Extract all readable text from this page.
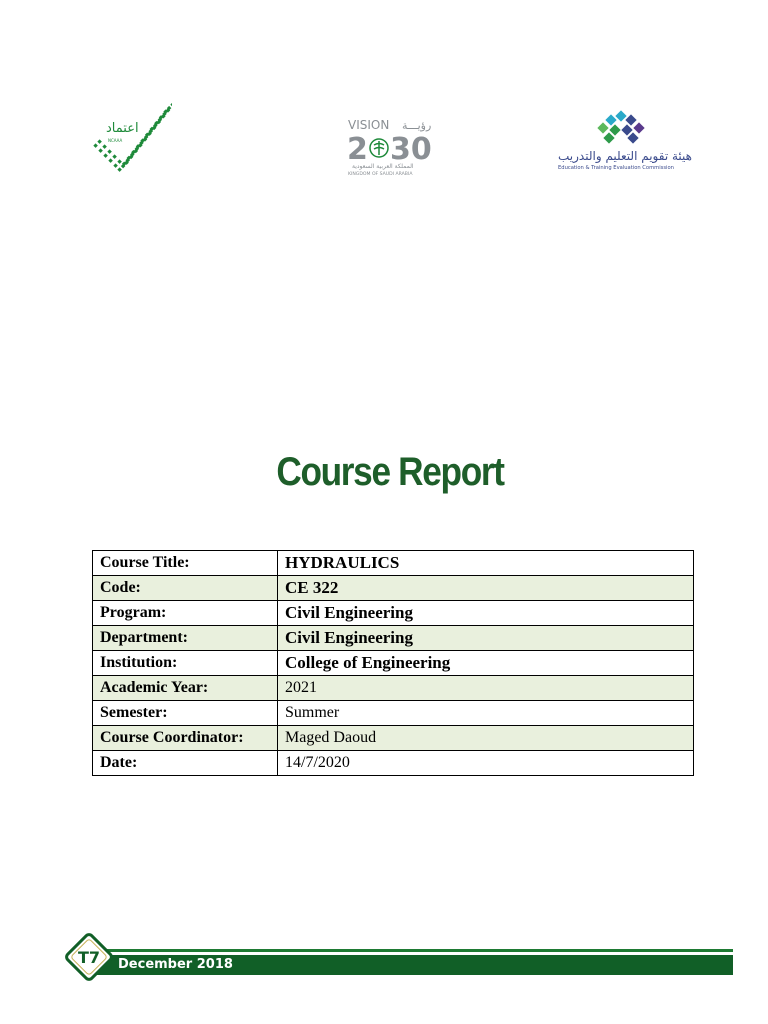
اعتماد
NCAAA
VISION رؤيـــة
2 30
المملكة العربية السعودية
KINGDOM OF SAUDI ARABIA
هيئة تقويم التعليم والتدريب
Education & Training Evaluation Commission
Course Report
Course Title:	HYDRAULICS
Code:	CE 322
Program:	Civil Engineering
Department:	Civil Engineering
Institution:	College of Engineering
Academic Year:	2021
Semester:	Summer
Course Coordinator:	Maged Daoud
Date:	14/7/2020
December 2018
T7
